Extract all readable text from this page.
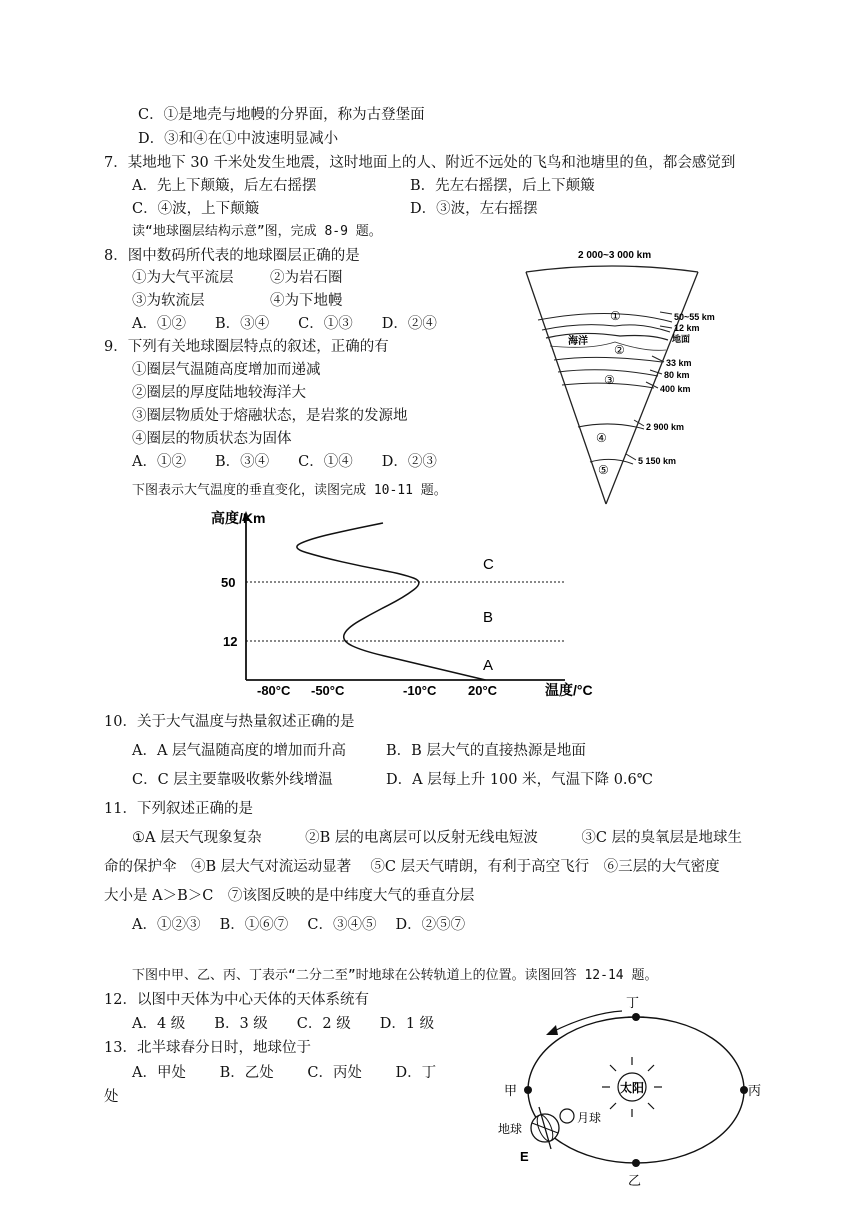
C．①是地壳与地幔的分界面，称为古登堡面
D．③和④在①中波速明显减小
7．某地地下 30 千米处发生地震，这时地面上的人、附近不远处的飞鸟和池塘里的鱼，都会感觉到
A．先上下颠簸，后左右摇摆	B．先左右摇摆，后上下颠簸
C．④波，上下颠簸	D．③波，左右摇摆
读“地球圈层结构示意”图，完成 8-9 题。
8．图中数码所代表的地球圈层正确的是
①为大气平流层	②为岩石圈
③为软流层	④为下地幔
A．①②　　B．③④　　C．①③　　D．②④
9．下列有关地球圈层特点的叙述，正确的有
①圈层气温随高度增加而递减
②圈层的厚度陆地较海洋大
③圈层物质处于熔融状态，是岩浆的发源地
④圈层的物质状态为固体
A．①②　　B．③④　　C．①④　　D．②③
下图表示大气温度的垂直变化，读图完成 10-11 题。
2 000~3 000 km
50~55 km
12 km
地面
33 km
80 km
400 km
2 900 km
5 150 km
海洋
①
②
③
④
⑤
高度/Km
温度/°C
50
12
-80°C -50°C	-10°C 20°C
C
B
A
10．关于大气温度与热量叙述正确的是
A．A 层气温随高度的增加而升高	B．B 层大气的直接热源是地面
C．C 层主要靠吸收紫外线增温	D．A 层每上升 100 米，气温下降 0.6℃
11．下列叙述正确的是
①A 层天气现象复杂　　　②B 层的电离层可以反射无线电短波　　　③C 层的臭氧层是地球生
命的保护伞　④B 层大气对流运动显著　 ⑤C 层天气晴朗，有利于高空飞行　⑥三层的大气密度
大小是 A＞B＞C　⑦该图反映的是中纬度大气的垂直分层
A．①②③　 B．①⑥⑦　 C．③④⑤　 D．②⑤⑦
下图中甲、乙、丙、丁表示“二分二至”时地球在公转轨道上的位置。读图回答 12-14 题。
12．以图中天体为中心天体的天体系统有
A．4 级　　B．3 级　　C．2 级　　D．1 级
13．北半球春分日时，地球位于
A．甲处　　 B．乙处　　 C．丙处　　 D．丁
处
太阳
丁
甲	丙
乙
地球
月球
E
